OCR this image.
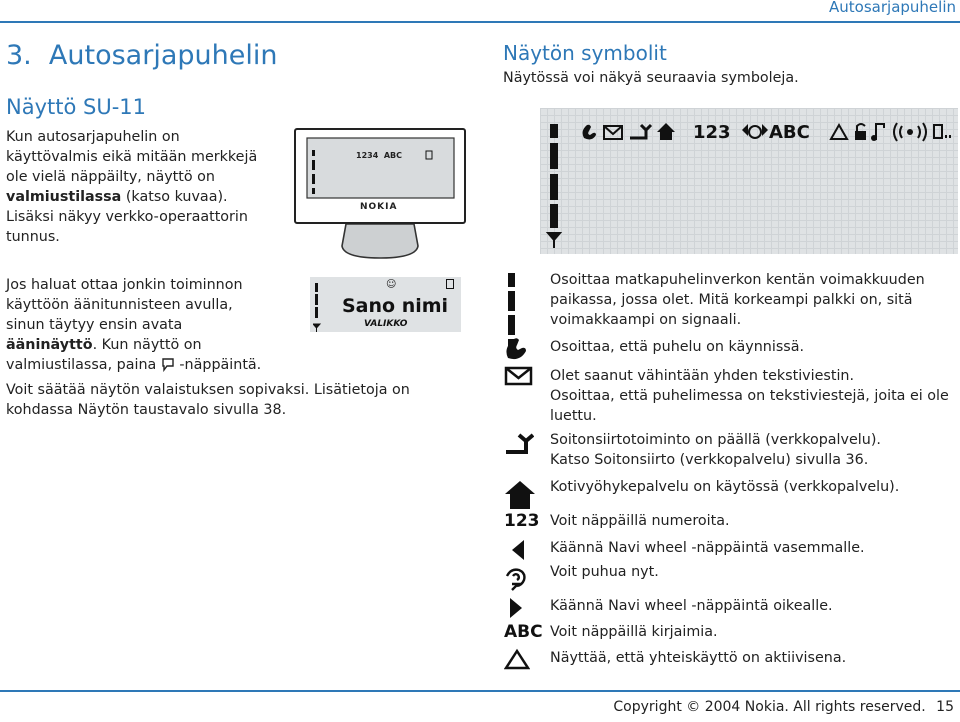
Autosarjapuhelin
3.  Autosarjapuhelin
Näyttö SU-11

Kun autosarjapuhelin on

käyttövalmis eikä mitään merkkejä

ole vielä näppäilty, näyttö on

valmiustilassa (katso kuvaa).

Lisäksi näkyy verkko-operaattorin

tunnus.

1234  ABC
NOKIA

Jos haluat ottaa jonkin toiminnon

käyttöön äänitunnisteen avulla,

sinun täytyy ensin avata

ääninäyttö. Kun näyttö on

valmiustilassa, paina  -näppäintä.

☺
Sano nimi
VALIKKO

Voit säätää näytön valaistuksen sopivaksi. Lisätietoja on

kohdassa Näytön taustavalo sivulla 38.

Näytön symbolit
Näytössä voi näkyä seuraavia symboleja.
123 ABC
Osoittaa matkapuhelinverkon kentän voimakkuuden
paikassa, jossa olet. Mitä korkeampi palkki on, sitä
voimakkaampi on signaali.
Osoittaa, että puhelu on käynnissä.
Olet saanut vähintään yhden tekstiviestin.
Osoittaa, että puhelimessa on tekstiviestejä, joita ei ole
luettu.
Soitonsiirtotoiminto on päällä (verkkopalvelu).
Katso Soitonsiirto (verkkopalvelu) sivulla 36.
Kotivyöhykepalvelu on käytössä (verkkopalvelu).
123 Voit näppäillä numeroita.
Käännä Navi wheel -näppäintä vasemmalle.
Voit puhua nyt.
Käännä Navi wheel -näppäintä oikealle.
ABC Voit näppäillä kirjaimia.
Näyttää, että yhteiskäyttö on aktiivisena.
Copyright © 2004 Nokia. All rights reserved. 15
